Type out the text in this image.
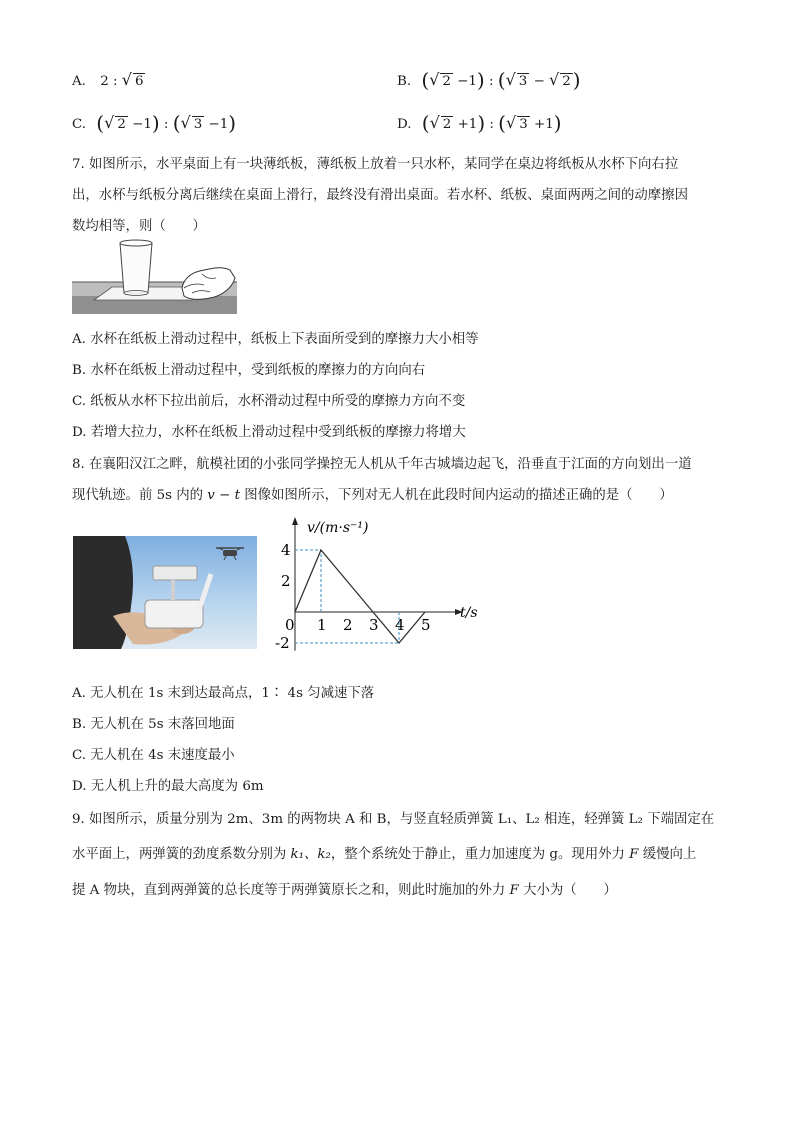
A. 2 : √ 6	B. (√ 2 −1) : (√ 3 − √ 2 )
C. (√ 2 −1) : (√ 3 −1)	D. (√ 2 +1) : (√ 3 +1)
7. 如图所示，水平桌面上有一块薄纸板，薄纸板上放着一只水杯，某同学在桌边将纸板从水杯下向右拉
出，水杯与纸板分离后继续在桌面上滑行，最终没有滑出桌面。若水杯、纸板、桌面两两之间的动摩擦因
数均相等，则（　　）
A. 水杯在纸板上滑动过程中，纸板上下表面所受到的摩擦力大小相等
B. 水杯在纸板上滑动过程中，受到纸板的摩擦力的方向向右
C. 纸板从水杯下拉出前后，水杯滑动过程中所受的摩擦力方向不变
D. 若增大拉力，水杯在纸板上滑动过程中受到纸板的摩擦力将增大
8. 在襄阳汉江之畔，航模社团的小张同学操控无人机从千年古城墙边起飞，沿垂直于江面的方向划出一道
现代轨迹。前 5s 内的 v − t 图像如图所示，下列对无人机在此段时间内运动的描述正确的是（　　）
v/(m·s⁻¹)
t/s
0 1 2 3 4 5
4
2
-2
A. 无人机在 1s 末到达最高点，1∶ 4s 匀减速下落
B. 无人机在 5s 末落回地面
C. 无人机在 4s 末速度最小
D. 无人机上升的最大高度为 6m
9. 如图所示，质量分别为 2m、3m 的两物块 A 和 B，与竖直轻质弹簧 L₁、L₂ 相连，轻弹簧 L₂ 下端固定在
水平面上，两弹簧的劲度系数分别为 k₁、k₂，整个系统处于静止，重力加速度为 g。现用外力 F 缓慢向上
提 A 物块，直到两弹簧的总长度等于两弹簧原长之和，则此时施加的外力 F 大小为（　　）
